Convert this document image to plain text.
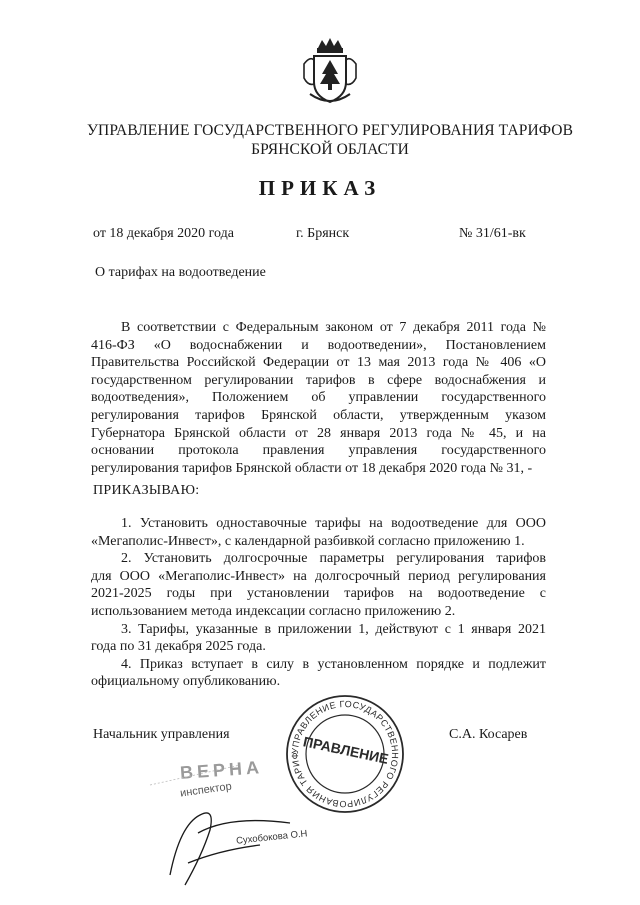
УПРАВЛЕНИЕ ГОСУДАРСТВЕННОГО РЕГУЛИРОВАНИЯ ТАРИФОВ
БРЯНСКОЙ ОБЛАСТИ
ПРИКАЗ
от 18 декабря 2020 года	г. Брянск	№ 31/61-вк
О тарифах на водоотведение
В соответствии с Федеральным законом от 7 декабря 2011 года №
416-ФЗ «О водоснабжении и водоотведении», Постановлением
Правительства Российской Федерации от 13 мая 2013 года № 406 «О
государственном регулировании тарифов в сфере водоснабжения и
водоотведения», Положением об управлении государственного
регулирования тарифов Брянской области, утвержденным указом
Губернатора Брянской области от 28 января 2013 года № 45, и на
основании протокола правления управления государственного
регулирования тарифов Брянской области от 18 декабря 2020 года № 31, -
ПРИКАЗЫВАЮ:
1. Установить одноставочные тарифы на водоотведение для ООО
«Мегаполис-Инвест», с календарной разбивкой согласно приложению 1.
2. Установить долгосрочные параметры регулирования тарифов
для ООО «Мегаполис-Инвест» на долгосрочный период регулирования
2021-2025 годы при установлении тарифов на водоотведение с
использованием метода индексации согласно приложению 2.
3. Тарифы, указанные в приложении 1, действуют с 1 января 2021
года по 31 декабря 2025 года.
4. Приказ вступает в силу в установленном порядке и подлежит
официальному опубликованию.
Начальник управления	С.А. Косарев
УПРАВЛЕНИЕ ГОСУДАРСТВЕННОГО РЕГУЛИРОВАНИЯ ТАРИФ ПРАВЛЕНИЕ
ВЕРНА
инспектор
Сухобокова О.Н
